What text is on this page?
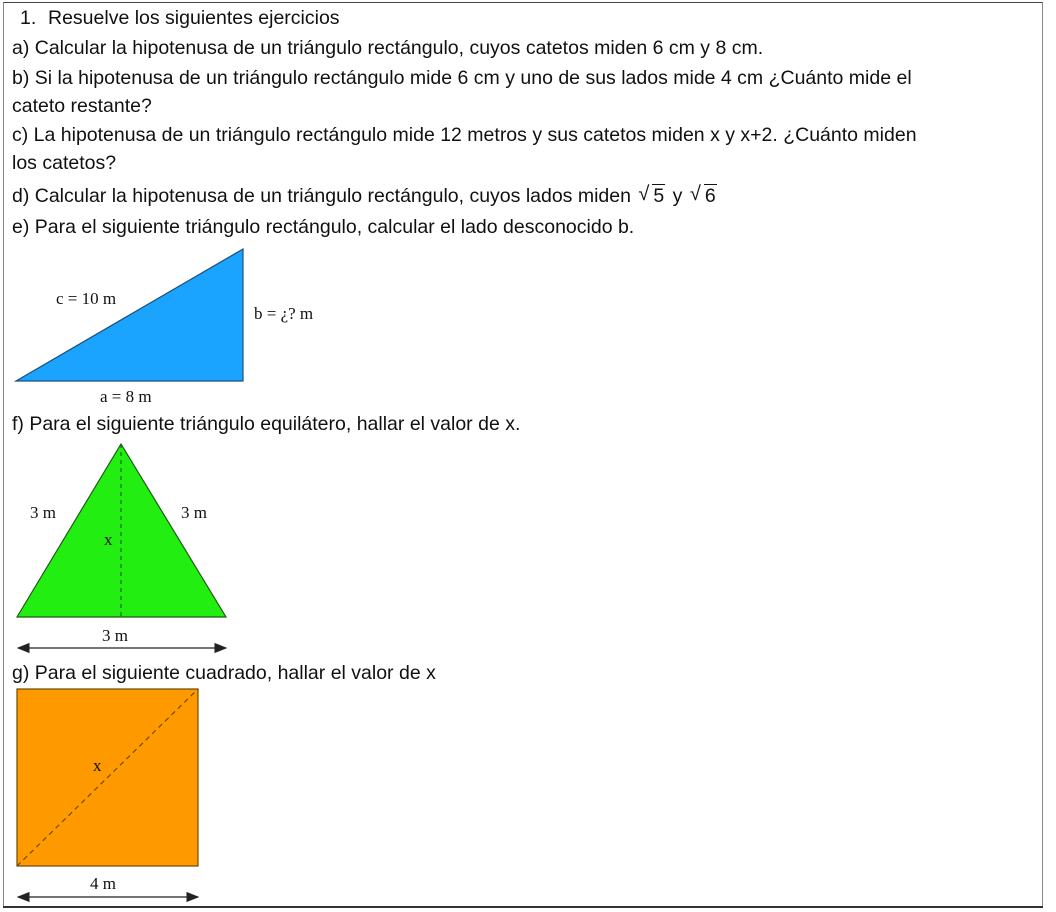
1. Resuelve los siguientes ejercicios
a) Calcular la hipotenusa de un triángulo rectángulo, cuyos catetos miden 6 cm y 8 cm.
b) Si la hipotenusa de un triángulo rectángulo mide 6 cm y uno de sus lados mide 4 cm ¿Cuánto mide el
cateto restante?
c) La hipotenusa de un triángulo rectángulo mide 12 metros y sus catetos miden x y x+2. ¿Cuánto miden
los catetos?
d) Calcular la hipotenusa de un triángulo rectángulo, cuyos lados miden √ 5 y √ 6
e) Para el siguiente triángulo rectángulo, calcular el lado desconocido b.
f) Para el siguiente triángulo equilátero, hallar el valor de x.
g) Para el siguiente cuadrado, hallar el valor de x
c = 10 m
b = ¿? m
a = 8 m
3 m	3 m
x
3 m
x
4 m
